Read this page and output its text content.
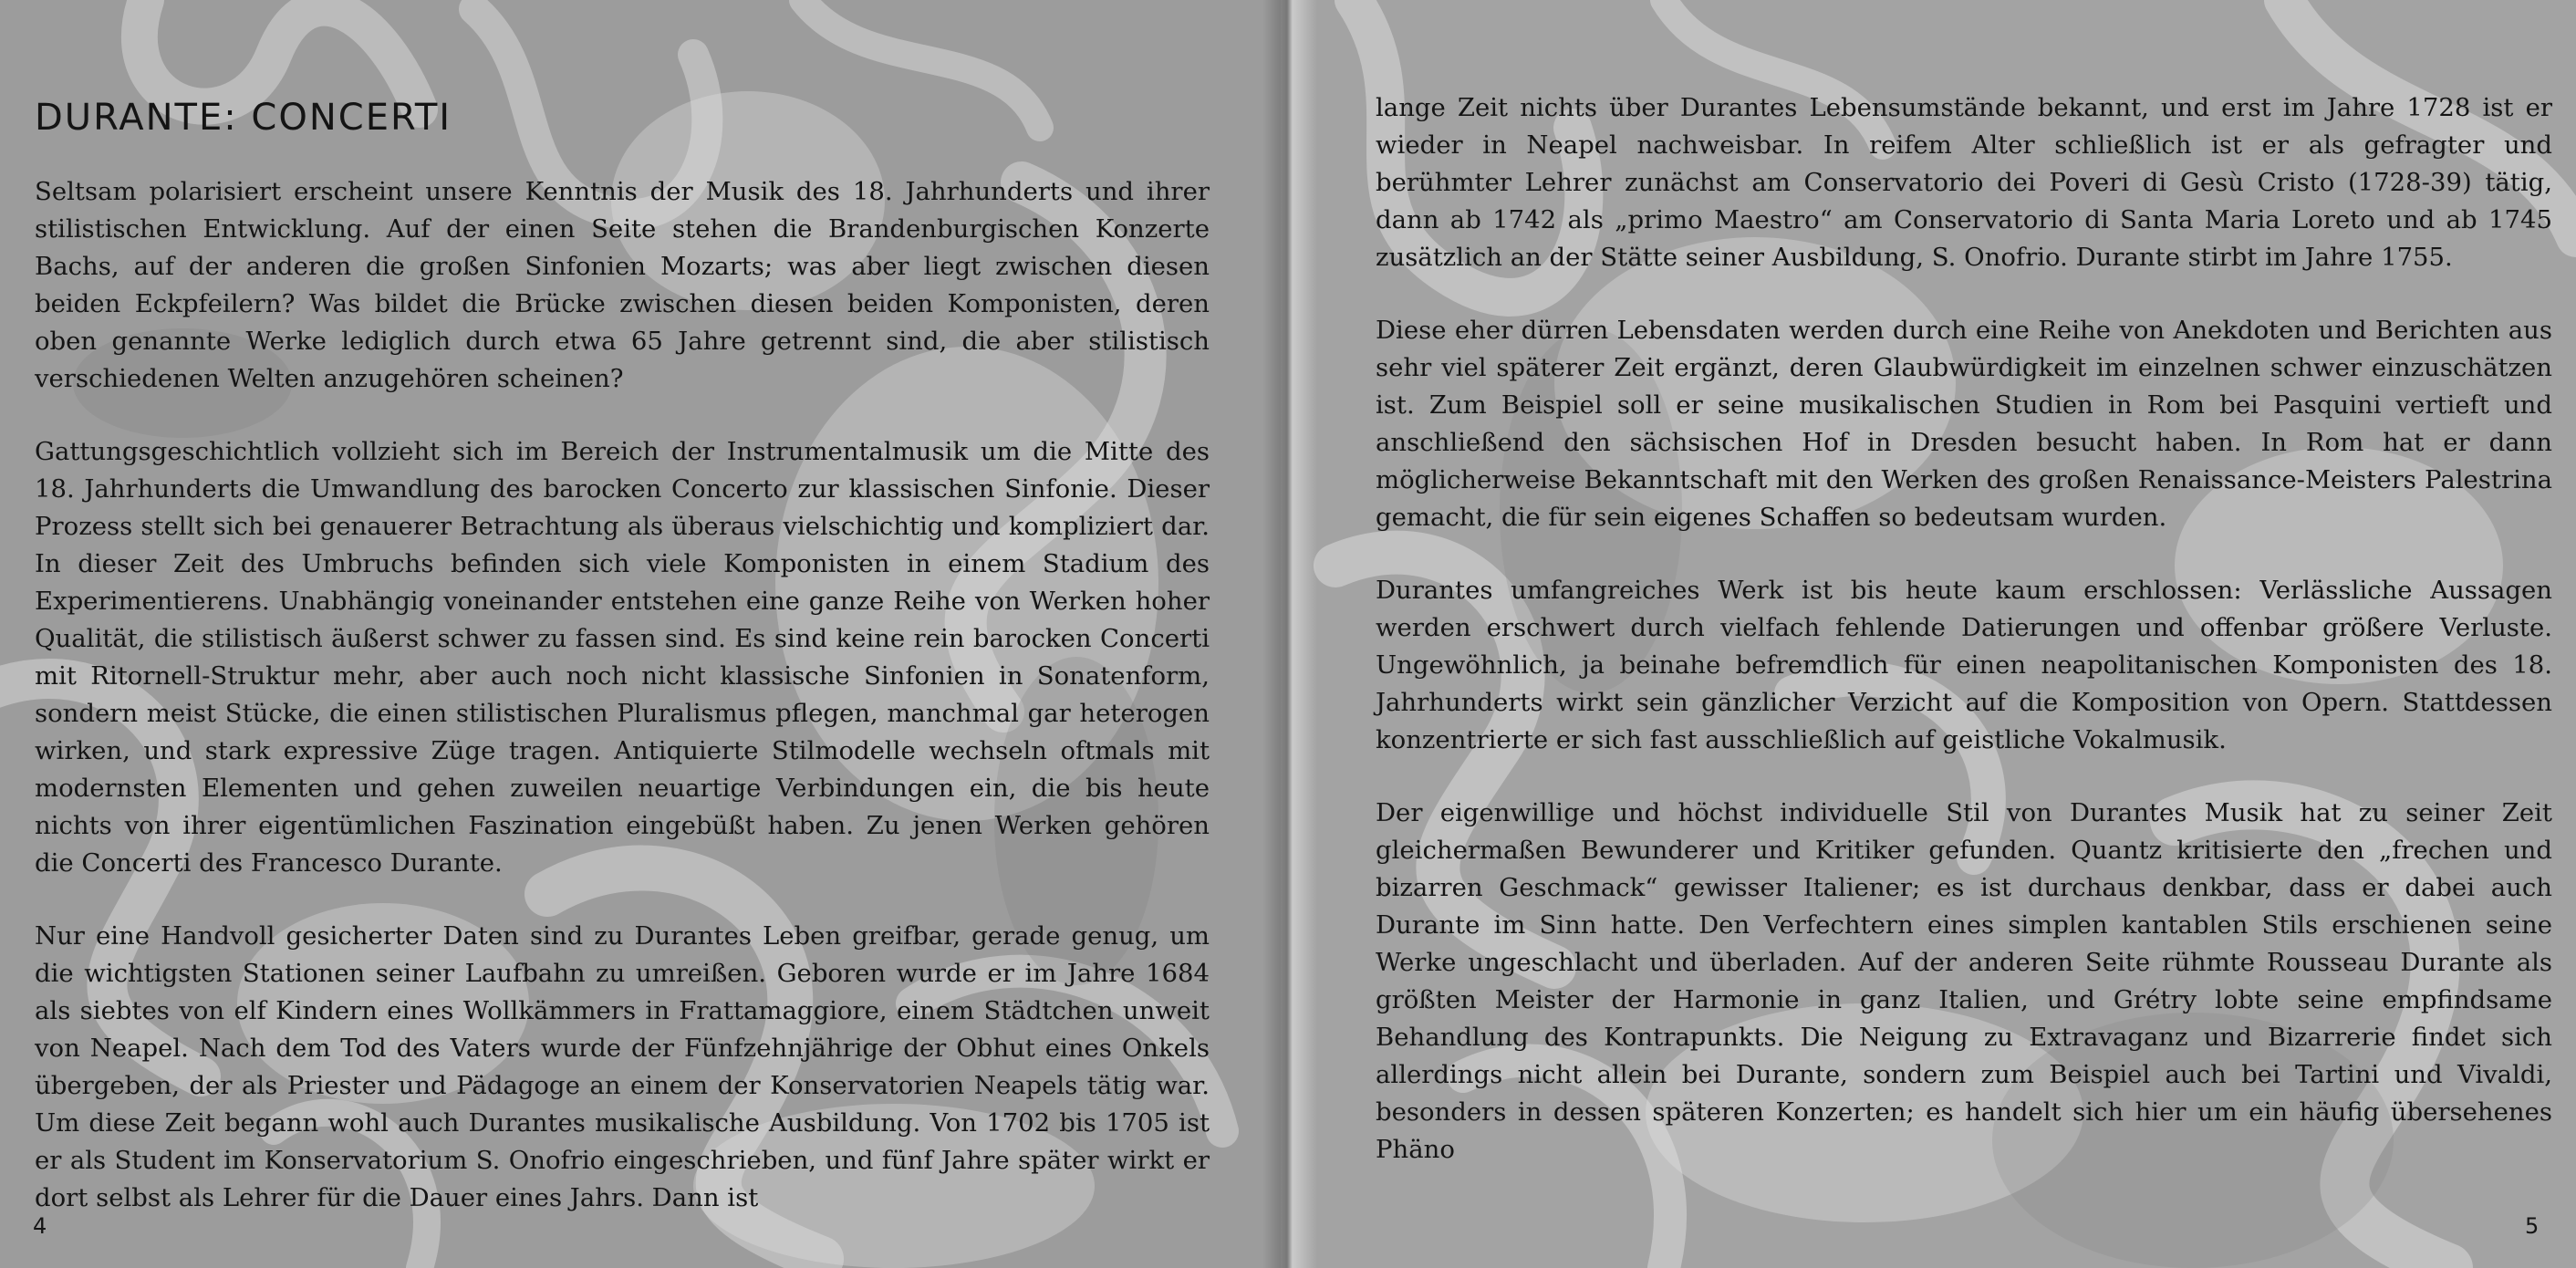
DURANTE: CONCERTI

Seltsam polarisiert erscheint unsere Kenntnis der Musik des 18. Jahrhunderts und ihrer stilistischen Entwicklung. Auf der einen Seite stehen die Brandenburgischen Konzerte Bachs, auf der anderen die großen Sinfonien Mozarts; was aber liegt zwischen diesen beiden Eckpfeilern? Was bildet die Brücke zwischen diesen beiden Komponisten, deren oben genannte Werke lediglich durch etwa 65 Jahre getrennt sind, die aber stilistisch verschiedenen Welten anzugehören scheinen?

Gattungsgeschichtlich vollzieht sich im Bereich der Instrumentalmusik um die Mitte des 18. Jahrhunderts die Umwandlung des barocken Concerto zur klassischen Sinfonie. Dieser Prozess stellt sich bei genauerer Betrachtung als überaus vielschichtig und kompliziert dar. In dieser Zeit des Umbruchs befinden sich viele Komponisten in einem Stadium des Experimentierens. Unabhängig voneinander entstehen eine ganze Reihe von Werken hoher Qualität, die stilistisch äußerst schwer zu fassen sind. Es sind keine rein barocken Concerti mit Ritornell-Struktur mehr, aber auch noch nicht klassische Sinfonien in Sonatenform, sondern meist Stücke, die einen stilistischen Pluralismus pflegen, manchmal gar heterogen wirken, und stark expressive Züge tragen. Antiquierte Stilmodelle wechseln oftmals mit modernsten Elementen und gehen zuweilen neuartige Verbindungen ein, die bis heute nichts von ihrer eigentümlichen Faszination eingebüßt haben. Zu jenen Werken gehören die Concerti des Francesco Durante.

Nur eine Handvoll gesicherter Daten sind zu Durantes Leben greifbar, gerade genug, um die wichtigsten Stationen seiner Laufbahn zu umreißen. Geboren wurde er im Jahre 1684 als siebtes von elf Kindern eines Wollkämmers in Frattamaggiore, einem Städtchen unweit von Neapel. Nach dem Tod des Vaters wurde der Fünfzehnjährige der Obhut eines Onkels übergeben, der als Priester und Pädagoge an einem der Konservatorien Neapels tätig war. Um diese Zeit begann wohl auch Durantes musikalische Ausbildung. Von 1702 bis 1705 ist er als Student im Konservatorium S. Onofrio eingeschrieben, und fünf Jahre später wirkt er dort selbst als Lehrer für die Dauer eines Jahrs. Dann ist

4

lange Zeit nichts über Durantes Lebensumstände bekannt, und erst im Jahre 1728 ist er wieder in Neapel nachweisbar. In reifem Alter schließlich ist er als gefragter und berühmter Lehrer zunächst am Conservatorio dei Poveri di Gesù Cristo (1728-39) tätig, dann ab 1742 als „primo Maestro“ am Conservatorio di Santa Maria Loreto und ab 1745 zusätzlich an der Stätte seiner Ausbildung, S. Onofrio. Durante stirbt im Jahre 1755.

Diese eher dürren Lebensdaten werden durch eine Reihe von Anekdoten und Berichten aus sehr viel späterer Zeit ergänzt, deren Glaubwürdigkeit im einzelnen schwer einzuschätzen ist. Zum Beispiel soll er seine musikalischen Studien in Rom bei Pasquini vertieft und anschließend den sächsischen Hof in Dresden besucht haben. In Rom hat er dann möglicherweise Bekanntschaft mit den Werken des großen Renaissance-Meisters Palestrina gemacht, die für sein eigenes Schaffen so bedeutsam wurden.

Durantes umfangreiches Werk ist bis heute kaum erschlossen: Verlässliche Aussagen werden erschwert durch vielfach fehlende Datierungen und offenbar größere Verluste. Ungewöhnlich, ja beinahe befremdlich für einen neapolitanischen Komponisten des 18. Jahrhunderts wirkt sein gänzlicher Verzicht auf die Komposition von Opern. Stattdessen konzentrierte er sich fast ausschließlich auf geistliche Vokalmusik.

Der eigenwillige und höchst individuelle Stil von Durantes Musik hat zu seiner Zeit gleichermaßen Bewunderer und Kritiker gefunden. Quantz kritisierte den „frechen und bizarren Geschmack“ gewisser Italiener; es ist durchaus denkbar, dass er dabei auch Durante im Sinn hatte. Den Verfechtern eines simplen kantablen Stils erschienen seine Werke ungeschlacht und überladen. Auf der anderen Seite rühmte Rousseau Durante als größten Meister der Harmonie in ganz Italien, und Grétry lobte seine empfindsame Behandlung des Kontrapunkts. Die Neigung zu Extravaganz und Bizarrerie findet sich allerdings nicht allein bei Durante, sondern zum Beispiel auch bei Tartini und Vivaldi, besonders in dessen späteren Konzerten; es handelt sich hier um ein häufig übersehenes Phäno

5
